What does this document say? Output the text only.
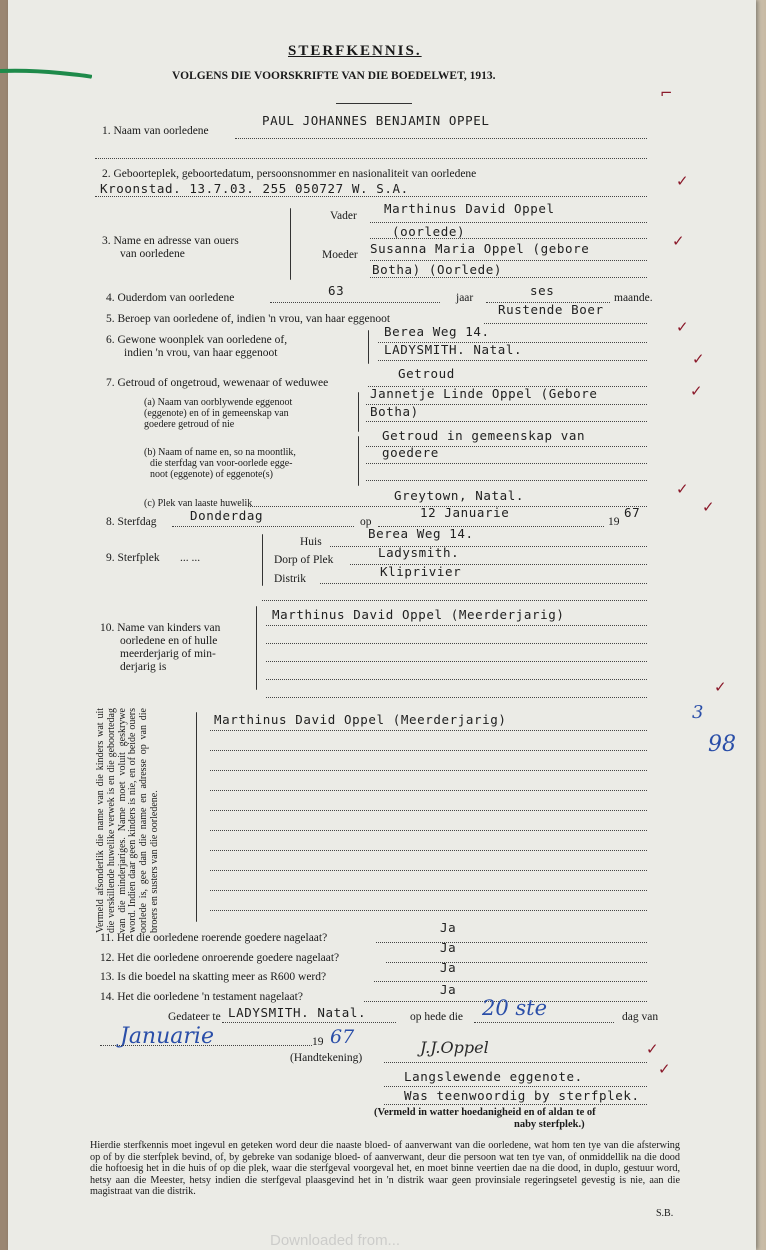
STERFKENNIS.
VOLGENS DIE VOORSKRIFTE VAN DIE BOEDELWET, 1913.
1. Naam van oorledene
PAUL JOHANNES BENJAMIN OPPEL
2. Geboorteplek, geboortedatum, persoonsnommer en nasionaliteit van oorledene
Kroonstad. 13.7.03. 255 050727 W. S.A.
3. Name en adresse van ouers
van oorledene
Vader Marthinus David Oppel
(oorlede)
Moeder Susanna Maria Oppel (gebore
Botha) (Oorlede)
4. Ouderdom van oorledene	63	jaar	ses	maande.
5. Beroep van oorledene of, indien 'n vrou, van haar eggenoot
Rustende Boer
6. Gewone woonplek van oorledene of,
indien 'n vrou, van haar eggenoot
Berea Weg 14.
LADYSMITH. Natal.
7. Getroud of ongetroud, wewenaar of weduwee
Getroud
(a) Naam van oorblywende eggenoot
(eggenote) en of in gemeenskap van
goedere getroud of nie
Jannetje Linde Oppel (Gebore
Botha)
(b) Naam of name en, so na moontlik,
die sterfdag van voor-oorlede egge-
noot (eggenote) of eggenote(s)
Getroud in gemeenskap van
goedere
(c) Plek van laaste huwelik
Greytown, Natal.
8. Sterfdag	Donderdag	op
12 Januarie
19
67
9. Sterfplek ... ...
Huis
Berea Weg 14.
Dorp of Plek	Ladysmith.
Distrik	Kliprivier
10. Name van kinders van
oorledene en of hulle
meerderjarig of min-
derjarig is
Marthinus David Oppel (Meerderjarig)
Vermeld afsonderlik die name van die kinders wat uit die verskillende huwelike verwek is en die geboortedag van die minderjariges. Name moet voluit geskrywe word. Indien daar geen kinders is nie, en of beide ouers oorlede is, gee dan die name en adresse op van die broers en susters van die oorledene.
Marthinus David Oppel (Meerderjarig)
11. Het die oorledene roerende goedere nagelaat?
Ja
12. Het die oorledene onroerende goedere nagelaat?
Ja
13. Is die boedel na skatting meer as R600 werd?
Ja
14. Het die oorledene 'n testament nagelaat?	Ja
Gedateer te LADYSMITH. Natal.	op hede die 20 ste	dag van
Januarie	19 67
(Handtekening)
J.J.Oppel
Langslewende eggenote.
Was teenwoordig by sterfplek.
(Vermeld in watter hoedanigheid en of aldan te of
naby sterfplek.)
Hierdie sterfkennis moet ingevul en geteken word deur die naaste bloed- of aanverwant van die oorledene, wat hom ten tye van die afsterwing op of by die sterfplek bevind, of, by gebreke van sodanige bloed- of aanverwant, deur die persoon wat ten tye van, of onmiddellik na die dood die hoftoesig het in die huis of op die plek, waar die sterfgeval voorgeval het, en moet binne veertien dae na die dood, in duplo, gestuur word, hetsy aan die Meester, hetsy indien die sterfgeval plaasgevind het in 'n distrik waar geen provinsiale regeringsetel gevestig is nie, aan die magistraat van die distrik.
S.B.
⌐
✓
✓
✓
✓
✓
✓
✓
✓
✓
✓
3
98
Downloaded from...
